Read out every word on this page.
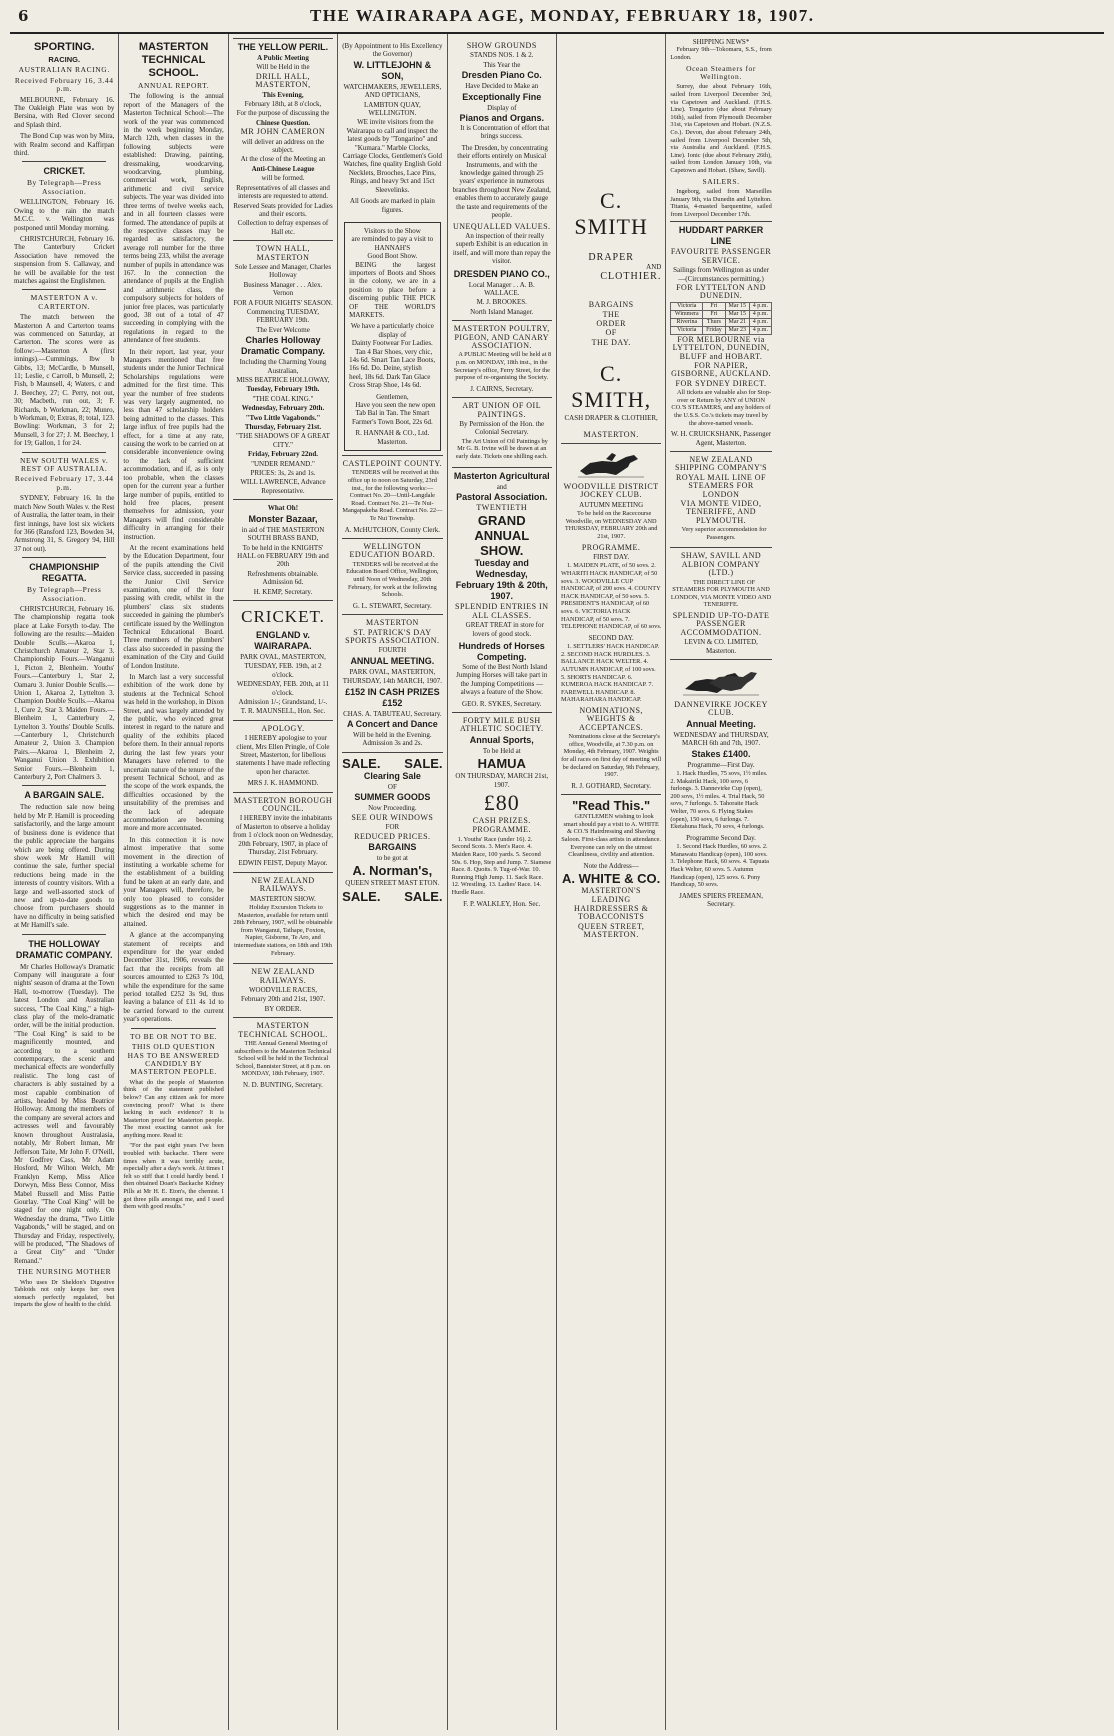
6	THE WAIRARAPA AGE, MONDAY, FEBRUARY 18, 1907.
SPORTING.
RACING.
AUSTRALIAN RACING.
Received February 16, 3.44 p.m.

MELBOURNE, February 16. The Oakleigh Plate was won by Bersina, with Red Clover second and Splash third.

The Bond Cup was won by Mira, with Realm second and Kaffirpan third.

CRICKET.
By Telegraph—Press Association.

WELLINGTON, February 16. Owing to the rain the match M.C.C. v. Wellington was postponed until Monday morning.

CHRISTCHURCH, February 16. The Canterbury Cricket Association have removed the suspension from S. Callaway, and he will be available for the test matches against the Englishmen.

MASTERTON A v. CARTERTON.

The match between the Masterton A and Carterton teams was commenced on Saturday, at Carterton. The scores were as follow:—Masterton A (first innings).—Cummings, lbw b Gibbs, 13; McCardle, b Munsell, 11; Leslie, c Carroll, b Munsell, 2; Fish, b Maunsell, 4; Waters, c and J. Beechey, 27; C. Perry, not out, 30; Macbeth, run out, 3; F. Richards, b Workman, 22; Munro, b Workman, 0; Extras, 8; total, 123. Bowling: Workman, 3 for 2; Munsell, 3 for 27; J. M. Beechey, 1 for 19; Gallon, 1 for 24.

NEW SOUTH WALES v. REST OF AUSTRALIA.
Received February 17, 3.44 p.m.

SYDNEY, February 16. In the match New South Wales v. the Rest of Australia, the latter team, in their first innings, have lost six wickets for 366 (Ransford 123, Bowden 34, Armstrong 31, S. Gregory 94, Hill 37 not out).

CHAMPIONSHIP REGATTA.
By Telegraph—Press Association.

CHRISTCHURCH, February 16. The championship regatta took place at Lake Forsyth to-day. The following are the results:—Maiden Double Sculls.—Akaroa 1, Christchurch Amateur 2, Star 3. Championship Fours.—Wanganui 1, Picton 2, Blenheim. Youths' Fours.—Canterbury 1, Star 2, Oamaru 3. Junior Double Sculls.—Union 1, Akaroa 2, Lyttelton 3. Champion Double Sculls.—Akaroa 1, Cure 2, Star 3. Maiden Fours.—Blenheim 1, Canterbury 2, Lyttelton 3. Youths' Double Sculls.—Canterbury 1, Christchurch Amateur 2, Union 3. Champion Pairs.—Akaroa 1, Blenheim 2, Wanganui Union 3. Exhibition Senior Fours.—Blenheim 1, Canterbury 2, Port Chalmers 3.

A BARGAIN SALE.

The reduction sale now being held by Mr P. Hamill is proceeding satisfactorily, and the large amount of business done is evidence that the public appreciate the bargains which are being offered. During show week Mr Hamill will continue the sale, further special reductions being made in the interests of country visitors. With a large and well-assorted stock of new and up-to-date goods to choose from purchasers should have no difficulty in being satisfied at Mr Hamill's sale.

THE HOLLOWAY DRAMATIC COMPANY.

Mr Charles Holloway's Dramatic Company will inaugurate a four nights' season of drama at the Town Hall, to-morrow (Tuesday). The latest London and Australian success, "The Coal King," a high-class play of the melo-dramatic order, will be the initial production. "The Coal King" is said to be magnificently mounted, and according to a southern contemporary, the scenic and mechanical effects are wonderfully realistic. The long cast of characters is ably sustained by a most capable combination of artists, headed by Miss Beatrice Holloway. Among the members of the company are several actors and actresses well and favourably known throughout Australasia, notably, Mr Robert Inman, Mr Jefferson Taite, Mr John F. O'Neill, Mr Godfrey Cass, Mr Adam Hosford, Mr Wilton Welch, Mr Franklyn Kemp, Miss Alice Dorwyn, Miss Bess Connor, Miss Mabel Russell and Miss Pattie Gourlay. "The Coal King" will be staged for one night only. On Wednesday the drama, "Two Little Vagabonds," will be staged, and on Thursday and Friday, respectively, will be produced, "The Shadows of a Great City" and "Under Remand."

THE NURSING MOTHER

Who uses Dr Sheldon's Digestive Tabloids not only keeps her own stomach perfectly regulated, but imparts the glow of health to the child.

MASTERTON TECHNICAL SCHOOL.
ANNUAL REPORT.

The following is the annual report of the Managers of the Masterton Technical School:—The work of the year was commenced in the week beginning Monday, March 12th, when classes in the following subjects were established: Drawing, painting, dressmaking, woodcarving, woodcarving, plumbing, commercial work, English, arithmetic and civil service subjects. The year was divided into three terms of twelve weeks each, and in all fourteen classes were formed. The attendance of pupils at the respective classes may be regarded as satisfactory, the average roll number for the three terms being 233, whilst the average number of pupils in attendance was 167. In the connection the attendance of pupils at the English and arithmetic class, the compulsory subjects for holders of junior free places, was particularly good, 38 out of a total of 47 succeeding in complying with the regulations in regard to the attendance of free students.

In their report, last year, your Managers mentioned that free students under the Junior Technical Scholarships regulations were admitted for the first time. This year the number of free students was very largely augmented, no less than 47 scholarship holders being admitted to the classes. This large influx of free pupils had the effect, for a time at any rate, causing the work to be carried on at considerable inconvenience owing to the lack of sufficient accommodation, and if, as is only too probable, when the classes open for the current year a further large number of pupils, entitled to hold free places, present themselves for admission, your Managers will find considerable difficulty in arranging for their instruction.

At the recent examinations held by the Education Department, four of the pupils attending the Civil Service class, succeeded in passing the Junior Civil Service examination, one of the four passing with credit, whilst in the plumbers' class six students succeeded in gaining the plumber's certificate issued by the Wellington Technical Educational Board. Three members of the plumbers' class also succeeded in passing the examination of the City and Guild of London Institute.

In March last a very successful exhibition of the work done by students at the Technical School was held in the workshop, in Dixon Street, and was largely attended by the public, who evinced great interest in regard to the nature and quality of the exhibits placed before them. In their annual reports during the last few years your Managers have referred to the uncertain nature of the tenure of the present Technical School, and as the scope of the work expands, the difficulties occasioned by the unsuitability of the premises and the lack of adequate accommodation are becoming more and more accentuated.

In this connection it is now almost imperative that some movement in the direction of instituting a workable scheme for the establishment of a building fund be taken at an early date, and your Managers will, therefore, be only too pleased to consider suggestions as to the manner in which the desired end may be attained.

A glance at the accompanying statement of receipts and expenditure for the year ended December 31st, 1906, reveals the fact that the receipts from all sources amounted to £263 7s 10d, while the expenditure for the same period totalled £252 3s 9d, thus leaving a balance of £11 4s 1d to be carried forward to the current year's operations.

TO BE OR NOT TO BE.
THIS OLD QUESTION HAS TO BE ANSWERED CANDIDLY BY MASTERTON PEOPLE.

What do the people of Masterton think of the statement published below? Can any citizen ask for more convincing proof? What is there lacking in such evidence? It is Masterton proof for Masterton people. The most exacting cannot ask for anything more. Read it:

"For the past eight years I've been troubled with backache. There were times when it was terribly acute, especially after a day's work. At times I felt so stiff that I could hardly bend. I then obtained Doan's Backache Kidney Pills at Mr H. E. Eton's, the chemist. I got three pills amongst me, and I used them with good results."

THE YELLOW PERIL.
A Public Meeting
Will be Held in the
DRILL HALL, MASTERTON,
This Evening,
February 18th, at 8 o'clock,
For the purpose of discussing the
Chinese Question.
MR JOHN CAMERON
will deliver an address on the subject.
At the close of the Meeting an
Anti-Chinese League
will be formed.
Representatives of all classes and interests are requested to attend.
Reserved Seats provided for Ladies and their escorts.
Collection to defray expenses of Hall etc.
TOWN HALL, MASTERTON
Sole Lessee and Manager, Charles Holloway
Business Manager . . . Alex. Vernon
FOR A FOUR NIGHTS' SEASON.
Commencing TUESDAY, FEBRUARY 19th.
The Ever Welcome
Charles Holloway Dramatic Company.
Including the Charming Young Australian,
MISS BEATRICE HOLLOWAY,
Tuesday, February 19th.
"THE COAL KING."
Wednesday, February 20th.
"Two Little Vagabonds."
Thursday, February 21st.
"THE SHADOWS OF A GREAT CITY."
Friday, February 22nd.
"UNDER REMAND."
PRICES: 3s, 2s and 1s.
WILL LAWRENCE, Advance Representative.
What Oh!
Monster Bazaar,
in aid of THE MASTERTON SOUTH BRASS BAND,
To be held in the KNIGHTS' HALL on FEBRUARY 19th and 20th
Refreshments obtainable. Admission 6d.
H. KEMP, Secretary.
CRICKET.
ENGLAND v. WAIRARAPA.
PARK OVAL, MASTERTON,
TUESDAY, FEB. 19th, at 2 o'clock.
WEDNESDAY, FEB. 20th, at 11 o'clock.
Admission 1/-; Grandstand, 1/-.
T. R. MAUNSELL, Hon. Sec.
APOLOGY.

I HEREBY apologise to your client, Mrs Ellen Pringle, of Cole Street, Masterton, for libellous statements I have made reflecting upon her character.

MRS J. K. HAMMOND.
MASTERTON BOROUGH COUNCIL.

I HEREBY invite the inhabitants of Masterton to observe a holiday from 1 o'clock noon on Wednesday, 20th February, 1907, in place of Thursday, 21st February.

EDWIN FEIST, Deputy Mayor.
NEW ZEALAND RAILWAYS.
MASTERTON SHOW.

Holiday Excursion Tickets to Masterton, available for return until 28th February, 1907, will be obtainable from Wanganui, Taihape, Foxton, Napier, Gisborne, Te Aro, and intermediate stations, on 18th and 19th February.

NEW ZEALAND RAILWAYS.
WOODVILLE RACES,
February 20th and 21st, 1907.
BY ORDER.
MASTERTON TECHNICAL SCHOOL.

THE Annual General Meeting of subscribers to the Masterton Technical School will be held in the Technical School, Bannister Street, at 8 p.m. on MONDAY, 18th February, 1907.

N. D. BUNTING, Secretary.
(By Appointment to His Excellency the Governor)
W. LITTLEJOHN & SON,
WATCHMAKERS, JEWELLERS, AND OPTICIANS,
LAMBTON QUAY, WELLINGTON.

WE invite visitors from the Wairarapa to call and inspect the latest goods by "Tongarino" and "Kumara." Marble Clocks, Carriage Clocks, Gentlemen's Gold Watches, fine quality English Gold Necklets, Brooches, Lace Pins, Rings, and heavy 9ct and 15ct Sleevelinks.

All Goods are marked in plain figures.
Visitors to the Show
are reminded to pay a visit to
HANNAH'S
Good Boot Show.

BEING the largest importers of Boots and Shoes in the colony, we are in a position to place before a discerning public THE PICK OF THE WORLD'S MARKETS.

We have a particularly choice display of
Dainty Footwear For Ladies.

Tan 4 Bar Shoes, very chic, 14s 6d. Smart Tan Lace Boots, 16s 6d. Do. Deine, stylish heel, 18s 6d. Dark Tan Glace Cross Strap Shoe, 14s 6d.

Gentlemen,

Have you seen the new open Tab Bal in Tan. The Smart Farmer's Town Boot, 22s 6d.

R. HANNAH & CO., Ltd.
Masterton.
CASTLEPOINT COUNTY.

TENDERS will be received at this office up to noon on Saturday, 23rd inst., for the following works:—Contract No. 20—Until-Langdale Road. Contract No. 21—Te Nui-Mangapakeha Road. Contract No. 22—Te Nui Township.

A. McHUTCHON, County Clerk.
WELLINGTON EDUCATION BOARD.

TENDERS will be received at the Education Board Office, Wellington, until Noon of Wednesday, 20th February, for work at the following Schools.

G. L. STEWART, Secretary.
MASTERTON
ST. PATRICK'S DAY SPORTS ASSOCIATION.
FOURTH
ANNUAL MEETING.
PARK OVAL, MASTERTON,
THURSDAY, 14th MARCH, 1907.
£152 IN CASH PRIZES £152
CHAS. A. TABUTEAU, Secretary.
A Concert and Dance
Will be held in the Evening. Admission 3s and 2s.
SALE. SALE.
Clearing Sale
OF
SUMMER GOODS
Now Proceeding.
SEE OUR WINDOWS
FOR
REDUCED PRICES.
BARGAINS
to be got at
A. Norman's,
QUEEN STREET MAST ETON.
SALE. SALE.
SHOW GROUNDS
STANDS NOS. 1 & 2.
This Year the
Dresden Piano Co.
Have Decided to Make an
Exceptionally Fine
Display of
Pianos and Organs.

It is Concentration of effort that brings success.

The Dresden, by concentrating their efforts entirely on Musical Instruments, and with the knowledge gained through 25 years' experience in numerous branches throughout New Zealand, enables them to accurately gauge the taste and requirements of the people.

UNEQUALLED VALUES.

An inspection of their really superb Exhibit is an education in itself, and will more than repay the visitor.

DRESDEN PIANO CO.,
Local Manager . . A. B. WALLACE.
M. J. BROOKES.
North Island Manager.
MASTERTON POULTRY, PIGEON, AND CANARY ASSOCIATION.

A PUBLIC Meeting will be held at 8 p.m. on MONDAY, 18th inst., in the Secretary's office, Ferry Street, for the purpose of re-organising the Society.

J. CAIRNS, Secretary.
ART UNION OF OIL PAINTINGS.
By Permission of the Hon. the Colonial Secretary.

The Art Union of Oil Paintings by Mr G. B. Irvine will be drawn at an early date. Tickets one shilling each.

Masterton Agricultural
and
Pastoral Association.
TWENTIETH
GRAND ANNUAL SHOW.
Tuesday and Wednesday,
February 19th & 20th, 1907.
SPLENDID ENTRIES IN ALL CLASSES.

GREAT TREAT in store for lovers of good stock.

Hundreds of Horses Competing.

Some of the Best North Island Jumping Horses will take part in the Jumping Competitions — always a feature of the Show.

GEO. R. SYKES, Secretary.
FORTY MILE BUSH ATHLETIC SOCIETY.
Annual Sports,
To be Held at
HAMUA
ON THURSDAY, MARCH 21st, 1907.
£80
CASH PRIZES.
PROGRAMME.

1. Youths' Race (under 16). 2. Second Scots. 3. Men's Race. 4. Maiden Race, 100 yards. 5. Second 50s. 6. Hop, Step and Jump. 7. Siamese Race. 8. Quoits. 9. Tug-of-War. 10. Running High Jump. 11. Sack Race. 12. Wrestling. 13. Ladies' Race. 14. Hurdle Race.

F. P. WALKLEY, Hon. Sec.
C. SMITH
DRAPER
AND
CLOTHIER.
BARGAINS
THE
ORDER
OF
THE DAY.
C. SMITH,
CASH DRAPER & CLOTHIER,
MASTERTON.
WOODVILLE DISTRICT JOCKEY CLUB.
AUTUMN MEETING

To be held on the Racecourse Woodville, on WEDNESDAY AND THURSDAY, FEBRUARY 20th and 21st, 1907.

PROGRAMME.
FIRST DAY.

1. MAIDEN PLATE, of 50 sovs. 2. WHARITI HACK HANDICAP, of 50 sovs. 3. WOODVILLE CUP HANDICAP, of 200 sovs. 4. COUNTY HACK HANDICAP, of 50 sovs. 5. PRESIDENT'S HANDICAP, of 60 sovs. 6. VICTORIA HACK HANDICAP, of 50 sovs. 7. TELEPHONE HANDICAP, of 60 sovs.

SECOND DAY.

1. SETTLERS' HACK HANDICAP. 2. SECOND HACK HURDLES. 3. BALLANCE HACK WELTER. 4. AUTUMN HANDICAP, of 100 sovs. 5. SHORTS HANDICAP. 6. KUMEROA HACK HANDICAP. 7. FAREWELL HANDICAP. 8. MAHARAHARA HANDICAP.

NOMINATIONS, WEIGHTS & ACCEPTANCES.

Nominations close at the Secretary's office, Woodville, at 7.30 p.m. on Monday, 4th February, 1907. Weights for all races on first day of meeting will be declared on Saturday, 9th February, 1907.

R. J. GOTHARD, Secretary.
"Read This."

GENTLEMEN wishing to look smart should pay a visit to A. WHITE & CO.'S Hairdressing and Shaving Saloon. First-class artists in attendance. Everyone can rely on the utmost Cleanliness, civility and attention.

Note the Address—
A. WHITE & CO.
MASTERTON'S LEADING
HAIRDRESSERS & TOBACCONISTS
QUEEN STREET, MASTERTON.
SHIPPING NEWS*

February 9th—Tokomaru, S.S., from London.

Ocean Steamers for Wellington.

Surrey, due about February 16th, sailed from Liverpool December 3rd, via Capetown and Auckland. (F.H.S. Line). Tongariro (due about February 16th), sailed from Plymouth December 31st, via Capetown and Hobart. (N.Z.S. Co.). Devon, due about February 24th, sailed from Liverpool December 5th, via Australia and Auckland. (F.H.S. Line). Ionic (due about February 26th), sailed from London January 10th, via Capetown and Hobart. (Shaw, Savill).

SAILERS.

Ingeborg, sailed from Marseilles January 9th, via Dunedin and Lyttelton. Titania, 4-masted barquentine, sailed from Liverpool December 17th.

HUDDART PARKER LINE
FAVOURITE PASSENGER SERVICE.
Sailings from Wellington as under—(Circumstances permitting.)
FOR LYTTELTON AND DUNEDIN.
Victoria	Fri	Mar 15	4 p.m.
Wimmera	Fri	Mar 15	4 p.m.
Riverina	Thurs	Mar 21	4 p.m.
Victoria	Friday	Mar 23	4 p.m.
FOR MELBOURNE via LYTTELTON, DUNEDIN, BLUFF and HOBART.
FOR NAPIER, GISBORNE, AUCKLAND.
FOR SYDNEY DIRECT.

All tickets are valuable also for Stop-over or Return by ANY of UNION CO.'S STEAMERS, and any holders of the U.S.S. Co.'s tickets may travel by the above-named vessels.

W. H. CRUICKSHANK, Passenger Agent, Masterton.
NEW ZEALAND SHIPPING COMPANY'S
ROYAL MAIL LINE OF STEAMERS FOR LONDON
VIA MONTE VIDEO, TENERIFFE, AND PLYMOUTH.

Very superior accommodation for Passengers.

SHAW, SAVILL AND ALBION COMPANY (LTD.)

THE DIRECT LINE OF STEAMERS FOR PLYMOUTH AND LONDON, VIA MONTE VIDEO AND TENERIFFE.

SPLENDID UP-TO-DATE PASSENGER ACCOMMODATION.
LEVIN & CO. LIMITED, Masterton.
DANNEVIRKE JOCKEY CLUB.
Annual Meeting.
WEDNESDAY and THURSDAY, MARCH 6th and 7th, 1907.
Stakes £1400.
Programme—First Day.

1. Hack Hurdles, 75 sovs, 1½ miles. 2. Makairiki Hack, 100 sovs, 6 furlongs. 3. Dannevirke Cup (open), 200 sovs, 1½ miles. 4. Trial Hack, 50 sovs, 7 furlongs. 5. Tahoraite Hack Welter, 70 sovs. 6. Flying Stakes (open), 150 sovs, 6 furlongs. 7. Eketahuna Hack, 70 sovs, 4 furlongs.

Programme Second Day.

1. Second Hack Hurdles, 60 sovs. 2. Manawatu Handicap (open), 100 sovs. 3. Telephone Hack, 60 sovs. 4. Tapuata Hack Welter, 60 sovs. 5. Autumn Handicap (open), 125 sovs. 6. Pony Handicap, 50 sovs.

JAMES SPIERS FREEMAN, Secretary.
